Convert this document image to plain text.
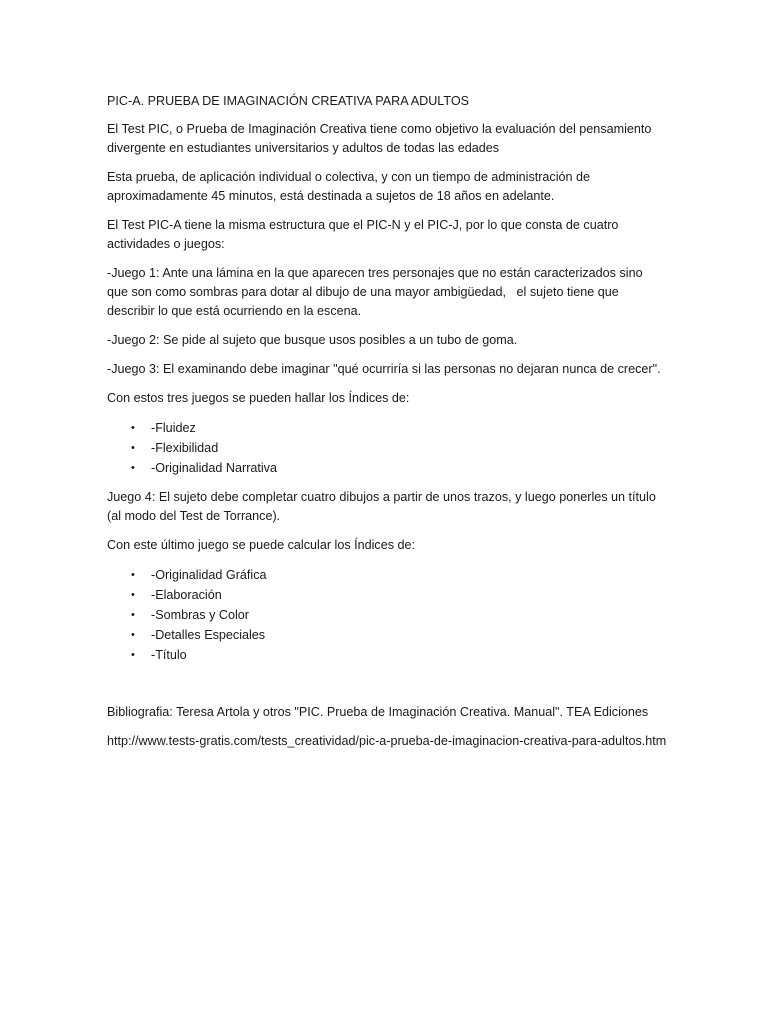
PIC-A. PRUEBA DE IMAGINACIÓN CREATIVA PARA ADULTOS

El Test PIC, o Prueba de Imaginación Creativa tiene como objetivo la evaluación del pensamiento divergente en estudiantes universitarios y adultos de todas las edades

Esta prueba, de aplicación individual o colectiva, y con un tiempo de administración de aproximadamente 45 minutos, está destinada a sujetos de 18 años en adelante.

El Test PIC-A tiene la misma estructura que el PIC-N y el PIC-J, por lo que consta de cuatro actividades o juegos:

-Juego 1: Ante una lámina en la que aparecen tres personajes que no están caracterizados sino que son como sombras para dotar al dibujo de una mayor ambigüedad,   el sujeto tiene que describir lo que está ocurriendo en la escena.

-Juego 2: Se pide al sujeto que busque usos posibles a un tubo de goma.

-Juego 3: El examinando debe imaginar "qué ocurriría si las personas no dejaran nunca de crecer".

Con estos tres juegos se pueden hallar los Índices de:

• -Fluidez
• -Flexibilidad
• -Originalidad Narrativa

Juego 4: El sujeto debe completar cuatro dibujos a partir de unos trazos, y luego ponerles un título (al modo del Test de Torrance).

Con este último juego se puede calcular los Índices de:

• -Originalidad Gráfica
• -Elaboración
• -Sombras y Color
• -Detalles Especiales
• -Título

Bibliografia: Teresa Artola y otros "PIC. Prueba de Imaginación Creativa. Manual". TEA Ediciones

http://www.tests-gratis.com/tests_creatividad/pic-a-prueba-de-imaginacion-creativa-para-adultos.htm
